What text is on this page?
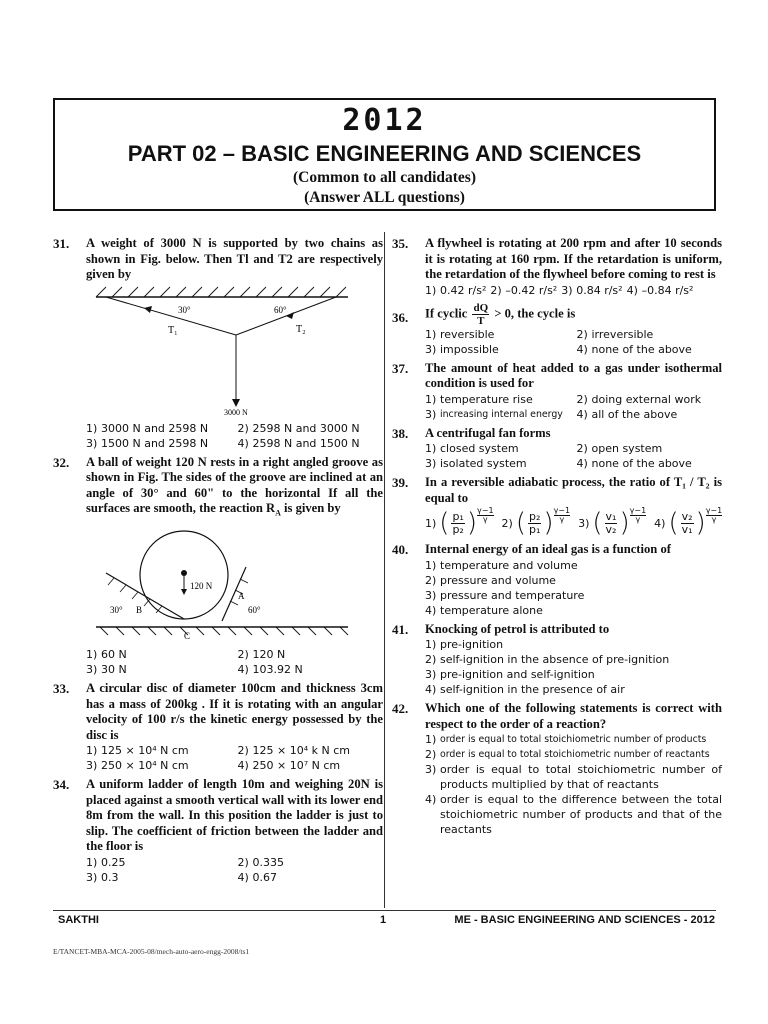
2012
PART 02 – BASIC ENGINEERING AND SCIENCES
(Common to all candidates)
(Answer ALL questions)
31. A weight of 3000 N is supported by two chains as shown in Fig. below. Then Tl and T2 are respectively given by
30°	60°
T₁	T₂
3000 N
1) 3000 N and 2598 N	2) 2598 N and 3000 N
3) 1500 N and 2598 N	4) 2598 N and 1500 N
32. A ball of weight 120 N rests in a right angled groove as shown in Fig. The sides of the groove are inclined at an angle of 30° and 60" to the horizontal If all the surfaces are smooth, the reaction $R_A$ is given by
120 N
30°	60°
A
B
C
1) 60 N	2) 120 N
3) 30 N	4) 103.92 N
33. A circular disc of diameter 100cm and thickness 3cm has a mass of 200kg . If it is rotating with an angular velocity of 100 r/s the kinetic energy possessed by the disc is
1) 125 × 10⁴ N cm	2) 125 × 10⁴ k N cm
3) 250 × 10⁴ N cm	4) 250 × 10⁷ N cm
34. A uniform ladder of length 10m and weighing 20N is placed against a smooth vertical wall with its lower end 8m from the wall. In this position the ladder is just to slip. The coefficient of friction between the ladder and the floor is
1) 0.25	2) 0.335
3) 0.3	4) 0.67
35. A flywheel is rotating at 200 rpm and after 10 seconds it is rotating at 160 rpm. If the retardation is uniform, the retardation of the flywheel before coming to rest is
1) 0.42 r/s² 2) –0.42 r/s² 3) 0.84 r/s² 4) –0.84 r/s²
36. If cyclic $\frac{dQ}{T} > 0$, the cycle is
1) reversible	2) irreversible
3) impossible	4) none of the above
37. The amount of heat added to a gas under isothermal condition is used for
1) temperature rise	2) doing external work
3) increasing internal energy 4) all of the above
38. A centrifugal fan forms
1) closed system	2) open system
3) isolated system	4) none of the above
39. In a reversible adiabatic process, the ratio of T₁ / T₂ is equal to
1) ( $\frac{\text{p₁}}{\text{p₂}}$ ) γ−1
γ	2) ( $\frac{\text{p₂}}{\text{p₁}}$ ) γ−1
γ	3) ( $\frac{\text{v₁}}{\text{v₂}}$ ) γ−1
γ	4) ( $\frac{\text{v₂}}{\text{v₁}}$ ) γ−1
γ
40. Internal energy of an ideal gas is a function of
1) temperature and volume
2) pressure and volume
3) pressure and temperature
4) temperature alone
41. Knocking of petrol is attributed to
1) pre-ignition
2) self-ignition in the absence of pre-ignition
3) pre-ignition and self-ignition
4) self-ignition in the presence of air
42. Which one of the following statements is correct with respect to the order of a reaction?
1) order is equal to total stoichiometric number of products
2) order is equal to total stoichiometric number of reactants
3) order is equal to total stoichiometric number of products multiplied by that of reactants
4) order is equal to the difference between the total stoichiometric number of products and that of the reactants
SAKTHI	1	ME - BASIC ENGINEERING AND SCIENCES - 2012
E/TANCET-MBA-MCA-2005-08/mech-auto-aero-engg-2008/ts1
